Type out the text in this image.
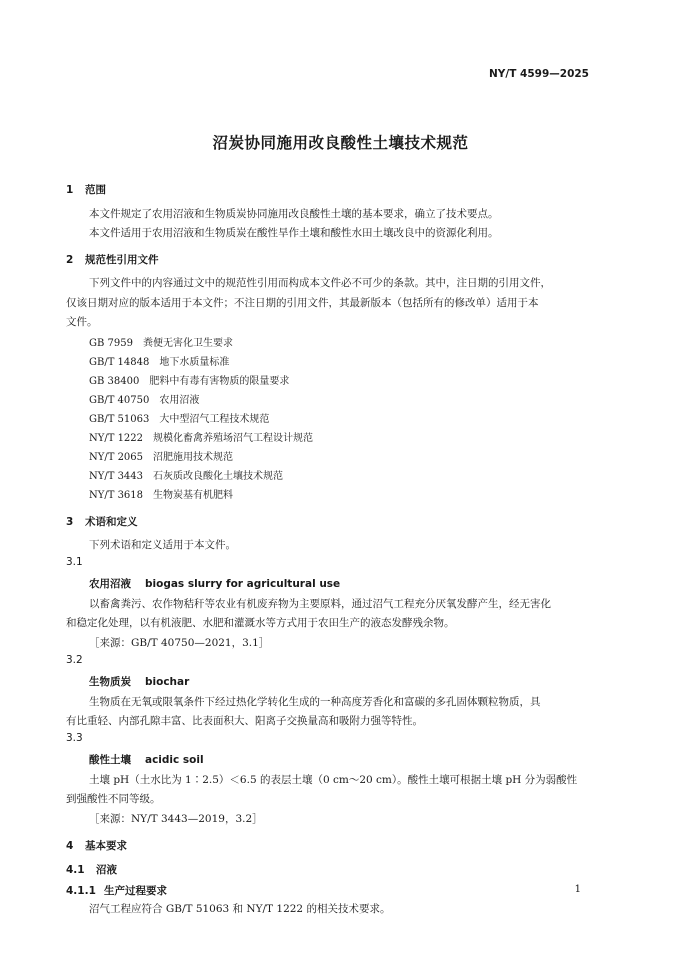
NY/T 4599—2025
沼炭协同施用改良酸性土壤技术规范
1 范围
本文件规定了农用沼液和生物质炭协同施用改良酸性土壤的基本要求，确立了技术要点。
本文件适用于农用沼液和生物质炭在酸性旱作土壤和酸性水田土壤改良中的资源化利用。
2 规范性引用文件
下列文件中的内容通过文中的规范性引用而构成本文件必不可少的条款。其中，注日期的引用文件，
仅该日期对应的版本适用于本文件；不注日期的引用文件，其最新版本（包括所有的修改单）适用于本
文件。
GB 7959 粪便无害化卫生要求
GB/T 14848 地下水质量标准
GB 38400 肥料中有毒有害物质的限量要求
GB/T 40750 农用沼液
GB/T 51063 大中型沼气工程技术规范
NY/T 1222 规模化畜禽养殖场沼气工程设计规范
NY/T 2065 沼肥施用技术规范
NY/T 3443 石灰质改良酸化土壤技术规范
NY/T 3618 生物炭基有机肥料
3 术语和定义
下列术语和定义适用于本文件。
3.1
农用沼液 biogas slurry for agricultural use
以畜禽粪污、农作物秸秆等农业有机废弃物为主要原料，通过沼气工程充分厌氧发酵产生，经无害化
和稳定化处理，以有机液肥、水肥和灌溉水等方式用于农田生产的液态发酵残余物。
［来源：GB/T 40750—2021，3.1］
3.2
生物质炭 biochar
生物质在无氧或限氧条件下经过热化学转化生成的一种高度芳香化和富碳的多孔固体颗粒物质，具
有比重轻、内部孔隙丰富、比表面积大、阳离子交换量高和吸附力强等特性。
3.3
酸性土壤 acidic soil
土壤 pH（土水比为 1∶2.5）＜6.5 的表层土壤（0 cm～20 cm）。酸性土壤可根据土壤 pH 分为弱酸性
到强酸性不同等级。
［来源：NY/T 3443—2019，3.2］
4 基本要求
4.1 沼液
4.1.1 生产过程要求
沼气工程应符合 GB/T 51063 和 NY/T 1222 的相关技术要求。
1
